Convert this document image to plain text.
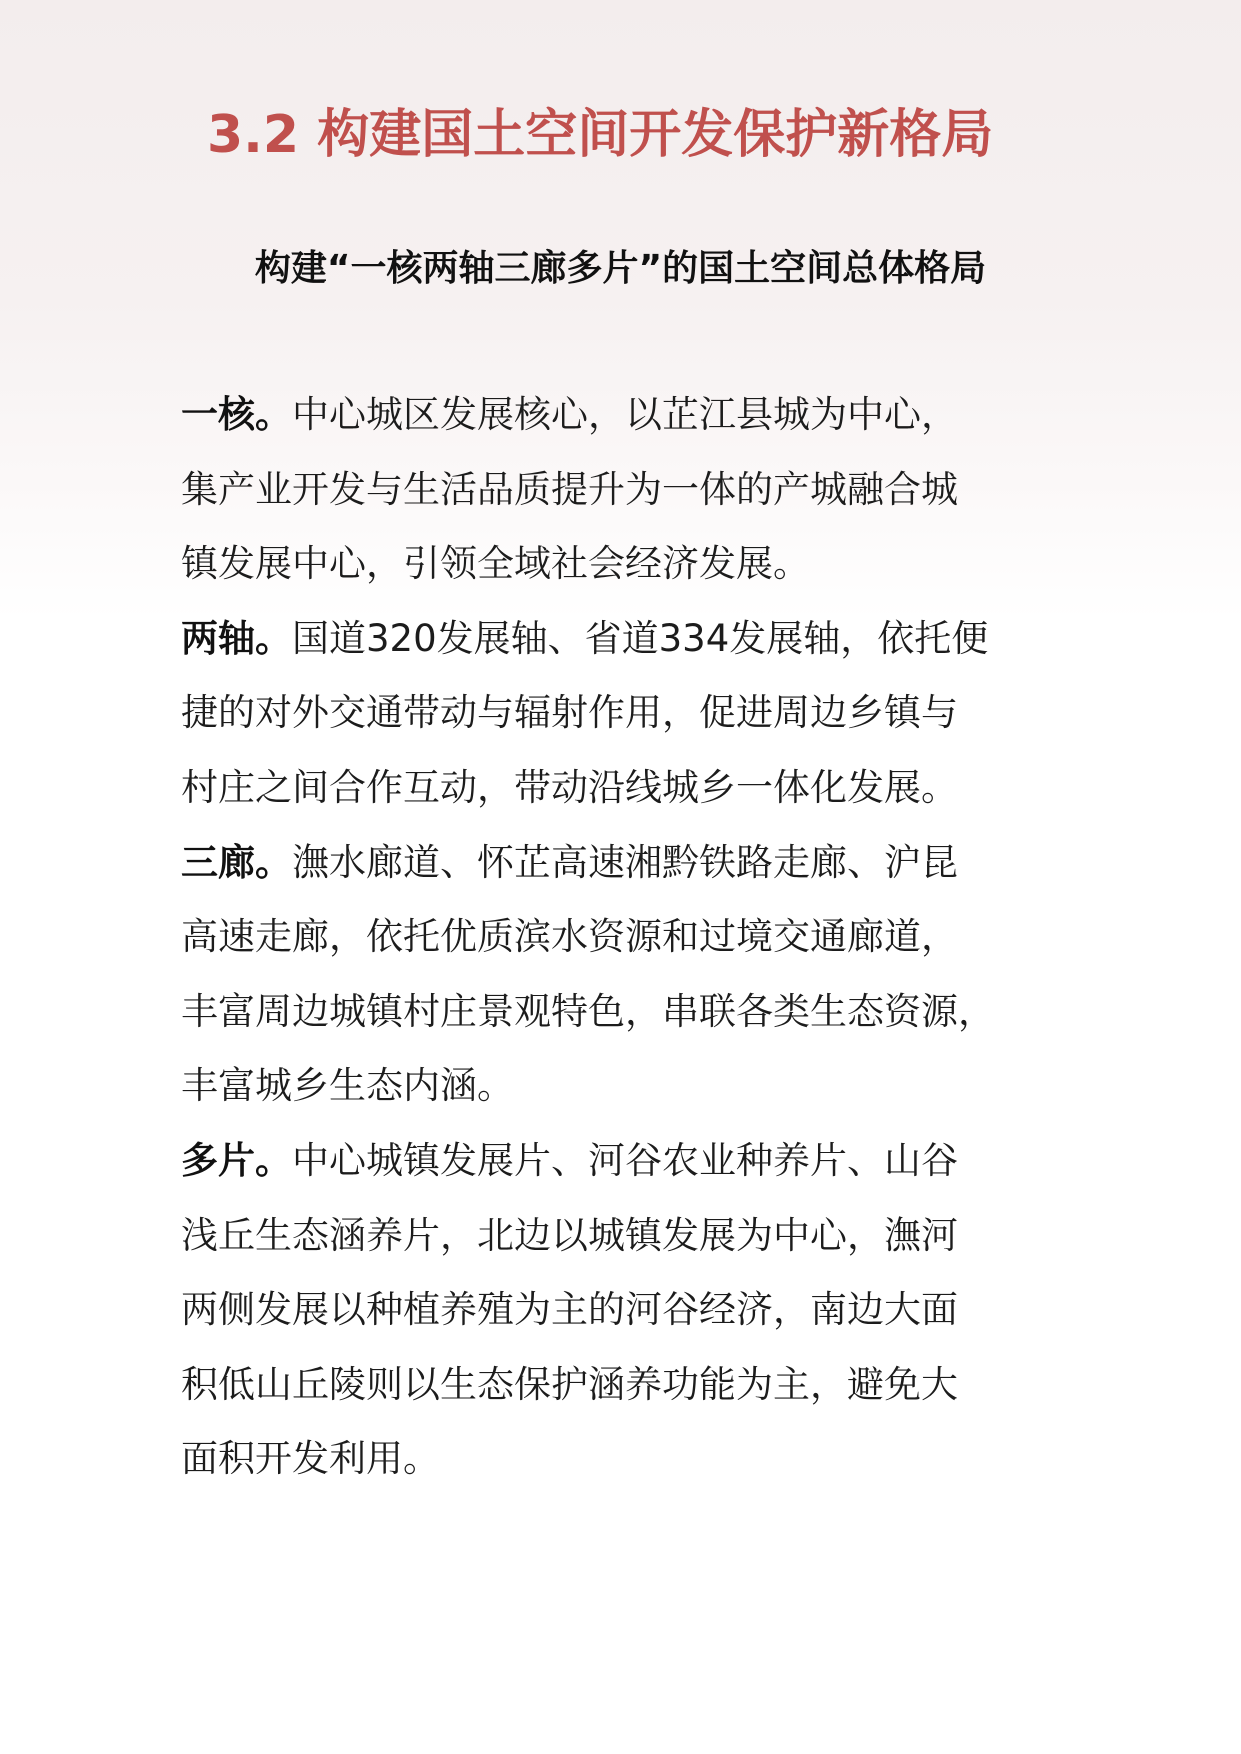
3.2 构建国土空间开发保护新格局
构建“一核两轴三廊多片”的国土空间总体格局
一核。中心城区发展核心，以芷江县城为中心，
集产业开发与生活品质提升为一体的产城融合城
镇发展中心，引领全域社会经济发展。
两轴。国道320发展轴、省道334发展轴，依托便
捷的对外交通带动与辐射作用，促进周边乡镇与
村庄之间合作互动，带动沿线城乡一体化发展。
三廊。潕水廊道、怀芷高速湘黔铁路走廊、沪昆
高速走廊，依托优质滨水资源和过境交通廊道，
丰富周边城镇村庄景观特色，串联各类生态资源，
丰富城乡生态内涵。
多片。中心城镇发展片、河谷农业种养片、山谷
浅丘生态涵养片，北边以城镇发展为中心，潕河
两侧发展以种植养殖为主的河谷经济，南边大面
积低山丘陵则以生态保护涵养功能为主，避免大
面积开发利用。
